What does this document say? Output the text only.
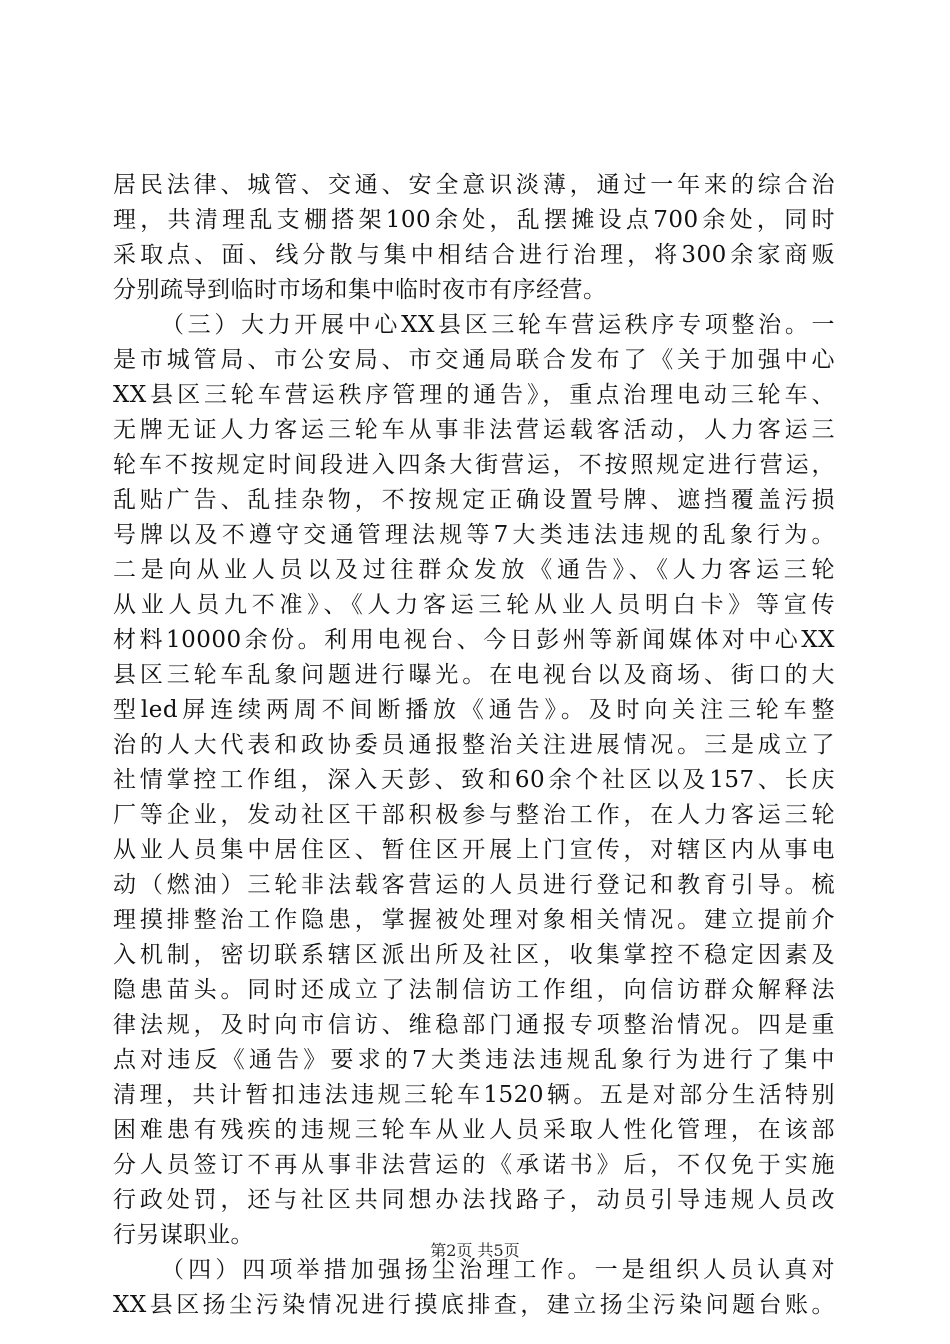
居民法律、城管、交通、安全意识淡薄，通过一年来的综合治
理，共清理乱支棚搭架100余处，乱摆摊设点700余处，同时
采取点、面、线分散与集中相结合进行治理，将300余家商贩
分别疏导到临时市场和集中临时夜市有序经营。
（三）大力开展中心XX县区三轮车营运秩序专项整治。一
是市城管局、市公安局、市交通局联合发布了《关于加强中心
XX县区三轮车营运秩序管理的通告》，重点治理电动三轮车、
无牌无证人力客运三轮车从事非法营运载客活动，人力客运三
轮车不按规定时间段进入四条大街营运，不按照规定进行营运，
乱贴广告、乱挂杂物，不按规定正确设置号牌、遮挡覆盖污损
号牌以及不遵守交通管理法规等7大类违法违规的乱象行为。
二是向从业人员以及过往群众发放《通告》、《人力客运三轮
从业人员九不准》、《人力客运三轮从业人员明白卡》等宣传
材料10000余份。利用电视台、今日彭州等新闻媒体对中心XX
县区三轮车乱象问题进行曝光。在电视台以及商场、街口的大
型led屏连续两周不间断播放《通告》。及时向关注三轮车整
治的人大代表和政协委员通报整治关注进展情况。三是成立了
社情掌控工作组，深入天彭、致和60余个社区以及157、长庆
厂等企业，发动社区干部积极参与整治工作，在人力客运三轮
从业人员集中居住区、暂住区开展上门宣传，对辖区内从事电
动（燃油）三轮非法载客营运的人员进行登记和教育引导。梳
理摸排整治工作隐患，掌握被处理对象相关情况。建立提前介
入机制，密切联系辖区派出所及社区，收集掌控不稳定因素及
隐患苗头。同时还成立了法制信访工作组，向信访群众解释法
律法规，及时向市信访、维稳部门通报专项整治情况。四是重
点对违反《通告》要求的7大类违法违规乱象行为进行了集中
清理，共计暂扣违法违规三轮车1520辆。五是对部分生活特别
困难患有残疾的违规三轮车从业人员采取人性化管理，在该部
分人员签订不再从事非法营运的《承诺书》后，不仅免于实施
行政处罚，还与社区共同想办法找路子，动员引导违规人员改
行另谋职业。
（四）四项举措加强扬尘治理工作。一是组织人员认真对
XX县区扬尘污染情况进行摸底排查，建立扬尘污染问题台账。
第2页 共5页
